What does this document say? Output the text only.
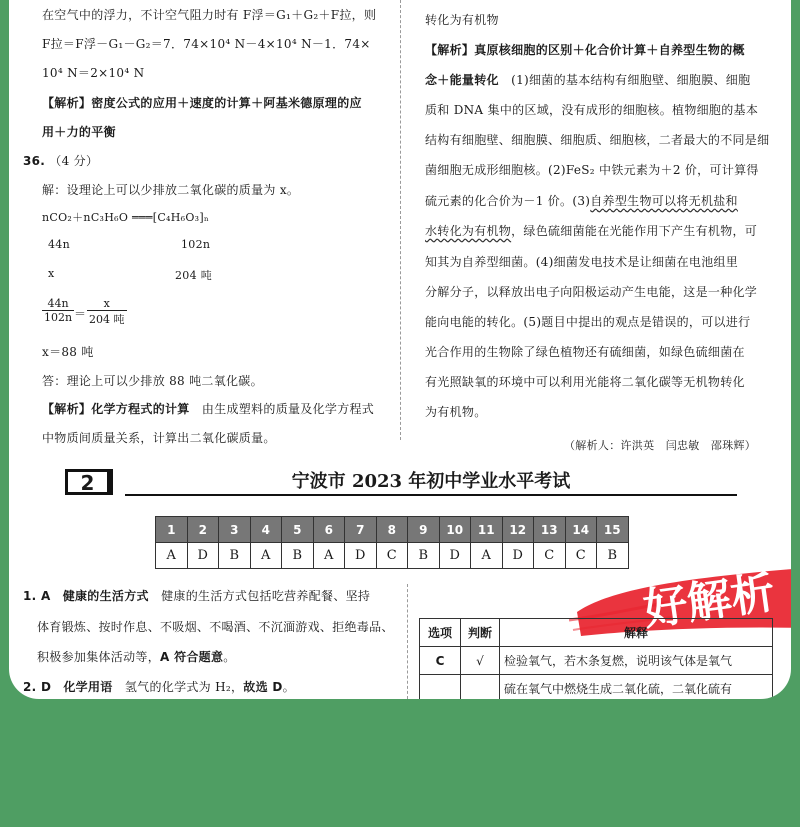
在空气中的浮力，不计空气阻力时有 F浮＝G₁＋G₂＋F拉，则
F拉＝F浮－G₁－G₂＝7．74×10⁴ N－4×10⁴ N－1．74×
10⁴ N＝2×10⁴ N
【解析】密度公式的应用＋速度的计算＋阿基米德原理的应
用＋力的平衡
36. （4 分）
解：设理论上可以少排放二氧化碳的质量为 x。
nCO₂＋nC₃H₆O ═══[C₄H₆O₃]ₙ
44n	102n
x	204 吨
$\frac{44n}{102n}$ ＝
x
204 吨
x＝88 吨
答：理论上可以少排放 88 吨二氧化碳。
【解析】化学方程式的计算　由生成塑料的质量及化学方程式
中物质间质量关系，计算出二氧化碳质量。
转化为有机物
【解析】真原核细胞的区别＋化合价计算＋自养型生物的概
念＋能量转化　(1)细菌的基本结构有细胞壁、细胞膜、细胞
质和 DNA 集中的区域，没有成形的细胞核。植物细胞的基本
结构有细胞壁、细胞膜、细胞质、细胞核，二者最大的不同是细
菌细胞无成形细胞核。(2)FeS₂ 中铁元素为＋2 价，可计算得
硫元素的化合价为－1 价。(3)自养型生物可以将无机盐和
水转化为有机物，绿色硫细菌能在光能作用下产生有机物，可
知其为自养型细菌。(4)细菌发电技术是让细菌在电池组里
分解分子，以释放出电子向阳极运动产生电能，这是一种化学
能向电能的转化。(5)题目中提出的观点是错误的，可以进行
光合作用的生物除了绿色植物还有硫细菌，如绿色硫细菌在
有光照缺氧的环境中可以利用光能将二氧化碳等无机物转化
为有机物。
（解析人：许洪英　闫忠敏　邵珠辉）
2	宁波市 2023 年初中学业水平考试
1	2	3	4	5	6	7	8	9	10	11	12	13	14	15
A	D	B	A	B	A	D	C	B	D	A	D	C	C	B
好解析
1. A 健康的生活方式　健康的生活方式包括吃营养配餐、坚持
体育锻炼、按时作息、不吸烟、不喝酒、不沉湎游戏、拒绝毒品、
积极参加集体活动等，A 符合题意。
2. D 化学用语　氢气的化学式为 H₂，故选 D。
选项	判断	解释
C	√	检验氧气，若木条复燃，说明该气体是氧气
		硫在氧气中燃烧生成二氧化硫，二氧化硫有
